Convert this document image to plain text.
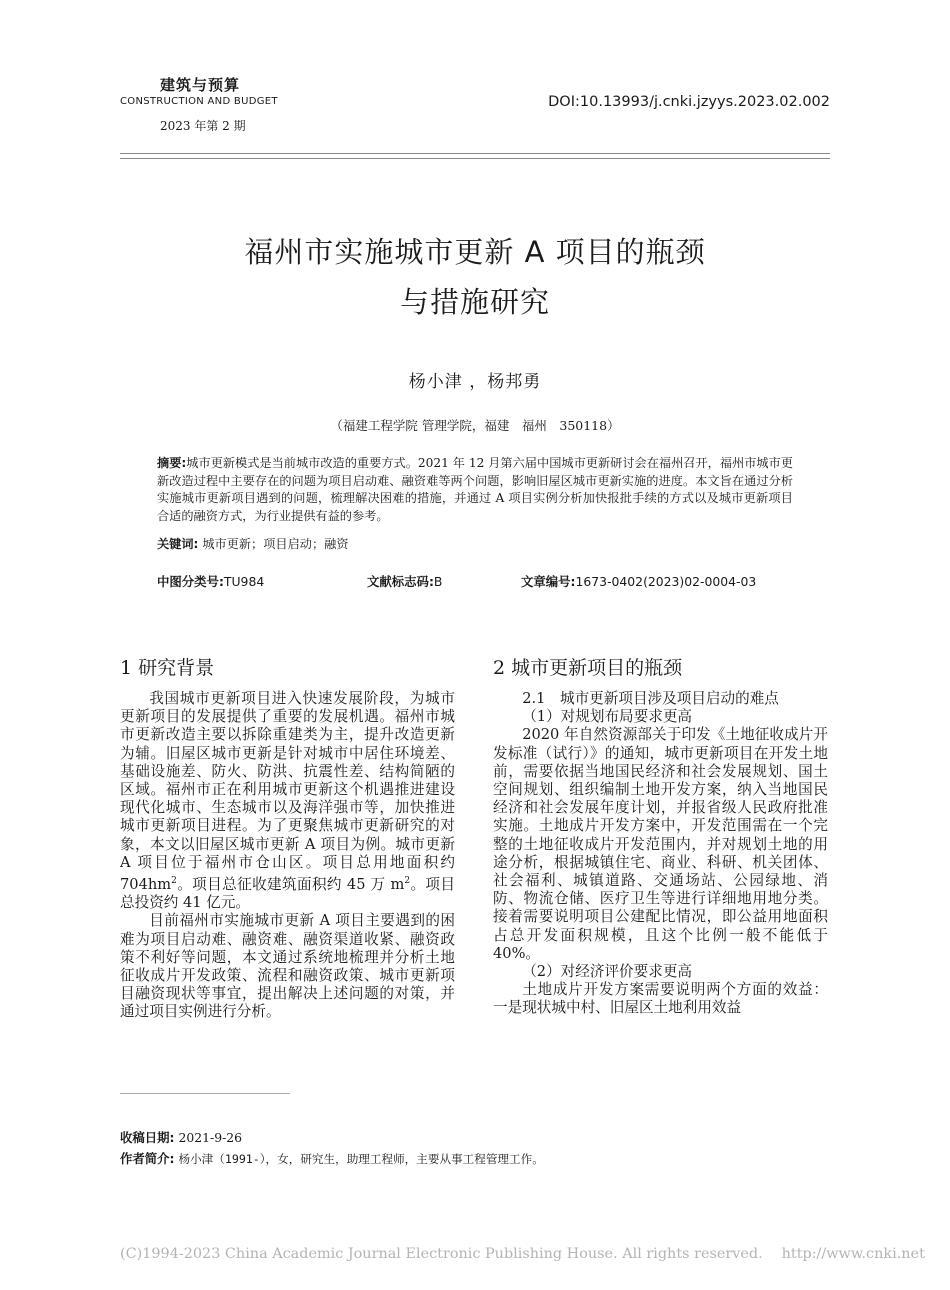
建筑与预算
CONSTRUCTION AND BUDGET
2023 年第 2 期
DOI:10.13993/j.cnki.jzyys.2023.02.002
福州市实施城市更新 A 项目的瓶颈
与措施研究
杨小津 ，杨邦勇
（福建工程学院 管理学院，福建　福州　350118）
摘要:城市更新模式是当前城市改造的重要方式。2021 年 12 月第六届中国城市更新研讨会在福州召开，福州市城市更新改造过程中主要存在的问题为项目启动难、融资难等两个问题，影响旧屋区城市更新实施的进度。本文旨在通过分析实施城市更新项目遇到的问题，梳理解决困难的措施，并通过 A 项目实例分析加快报批手续的方式以及城市更新项目合适的融资方式，为行业提供有益的参考。
关键词: 城市更新；项目启动；融资
中图分类号:TU984	文献标志码:B	文章编号:1673-0402(2023)02-0004-03
1 研究背景

我国城市更新项目进入快速发展阶段，为城市更新项目的发展提供了重要的发展机遇。福州市城市更新改造主要以拆除重建类为主，提升改造更新为辅。旧屋区城市更新是针对城市中居住环境差、基础设施差、防火、防洪、抗震性差、结构简陋的区域。福州市正在利用城市更新这个机遇推进建设现代化城市、生态城市以及海洋强市等，加快推进城市更新项目进程。为了更聚焦城市更新研究的对象，本文以旧屋区城市更新 A 项目为例。城市更新 A 项目位于福州市仓山区。项目总用地面积约 $704hm^2$。项目总征收建筑面积约 45 万 $m^2$。项目总投资约 41 亿元。

目前福州市实施城市更新 A 项目主要遇到的困难为项目启动难、融资难、融资渠道收紧、融资政策不利好等问题，本文通过系统地梳理并分析土地征收成片开发政策、流程和融资政策、城市更新项目融资现状等事宜，提出解决上述问题的对策，并通过项目实例进行分析。

2 城市更新项目的瓶颈

2.1　城市更新项目涉及项目启动的难点

（1）对规划布局要求更高

2020 年自然资源部关于印发《土地征收成片开发标准（试行）》的通知，城市更新项目在开发土地前，需要依据当地国民经济和社会发展规划、国土空间规划、组织编制土地开发方案，纳入当地国民经济和社会发展年度计划，并报省级人民政府批准实施。土地成片开发方案中，开发范围需在一个完整的土地征收成片开发范围内，并对规划土地的用途分析，根据城镇住宅、商业、科研、机关团体、社会福利、城镇道路、交通场站、公园绿地、消防、物流仓储、医疗卫生等进行详细地用地分类。接着需要说明项目公建配比情况，即公益用地面积占总开发面积规模，且这个比例一般不能低于 40%。

（2）对经济评价要求更高

土地成片开发方案需要说明两个方面的效益：一是现状城中村、旧屋区土地利用效益

收稿日期: 2021-9-26
作者简介: 杨小津（1991-），女，研究生，助理工程师，主要从事工程管理工作。
(C)1994-2023 China Academic Journal Electronic Publishing House. All rights reserved.　 http://www.cnki.net
